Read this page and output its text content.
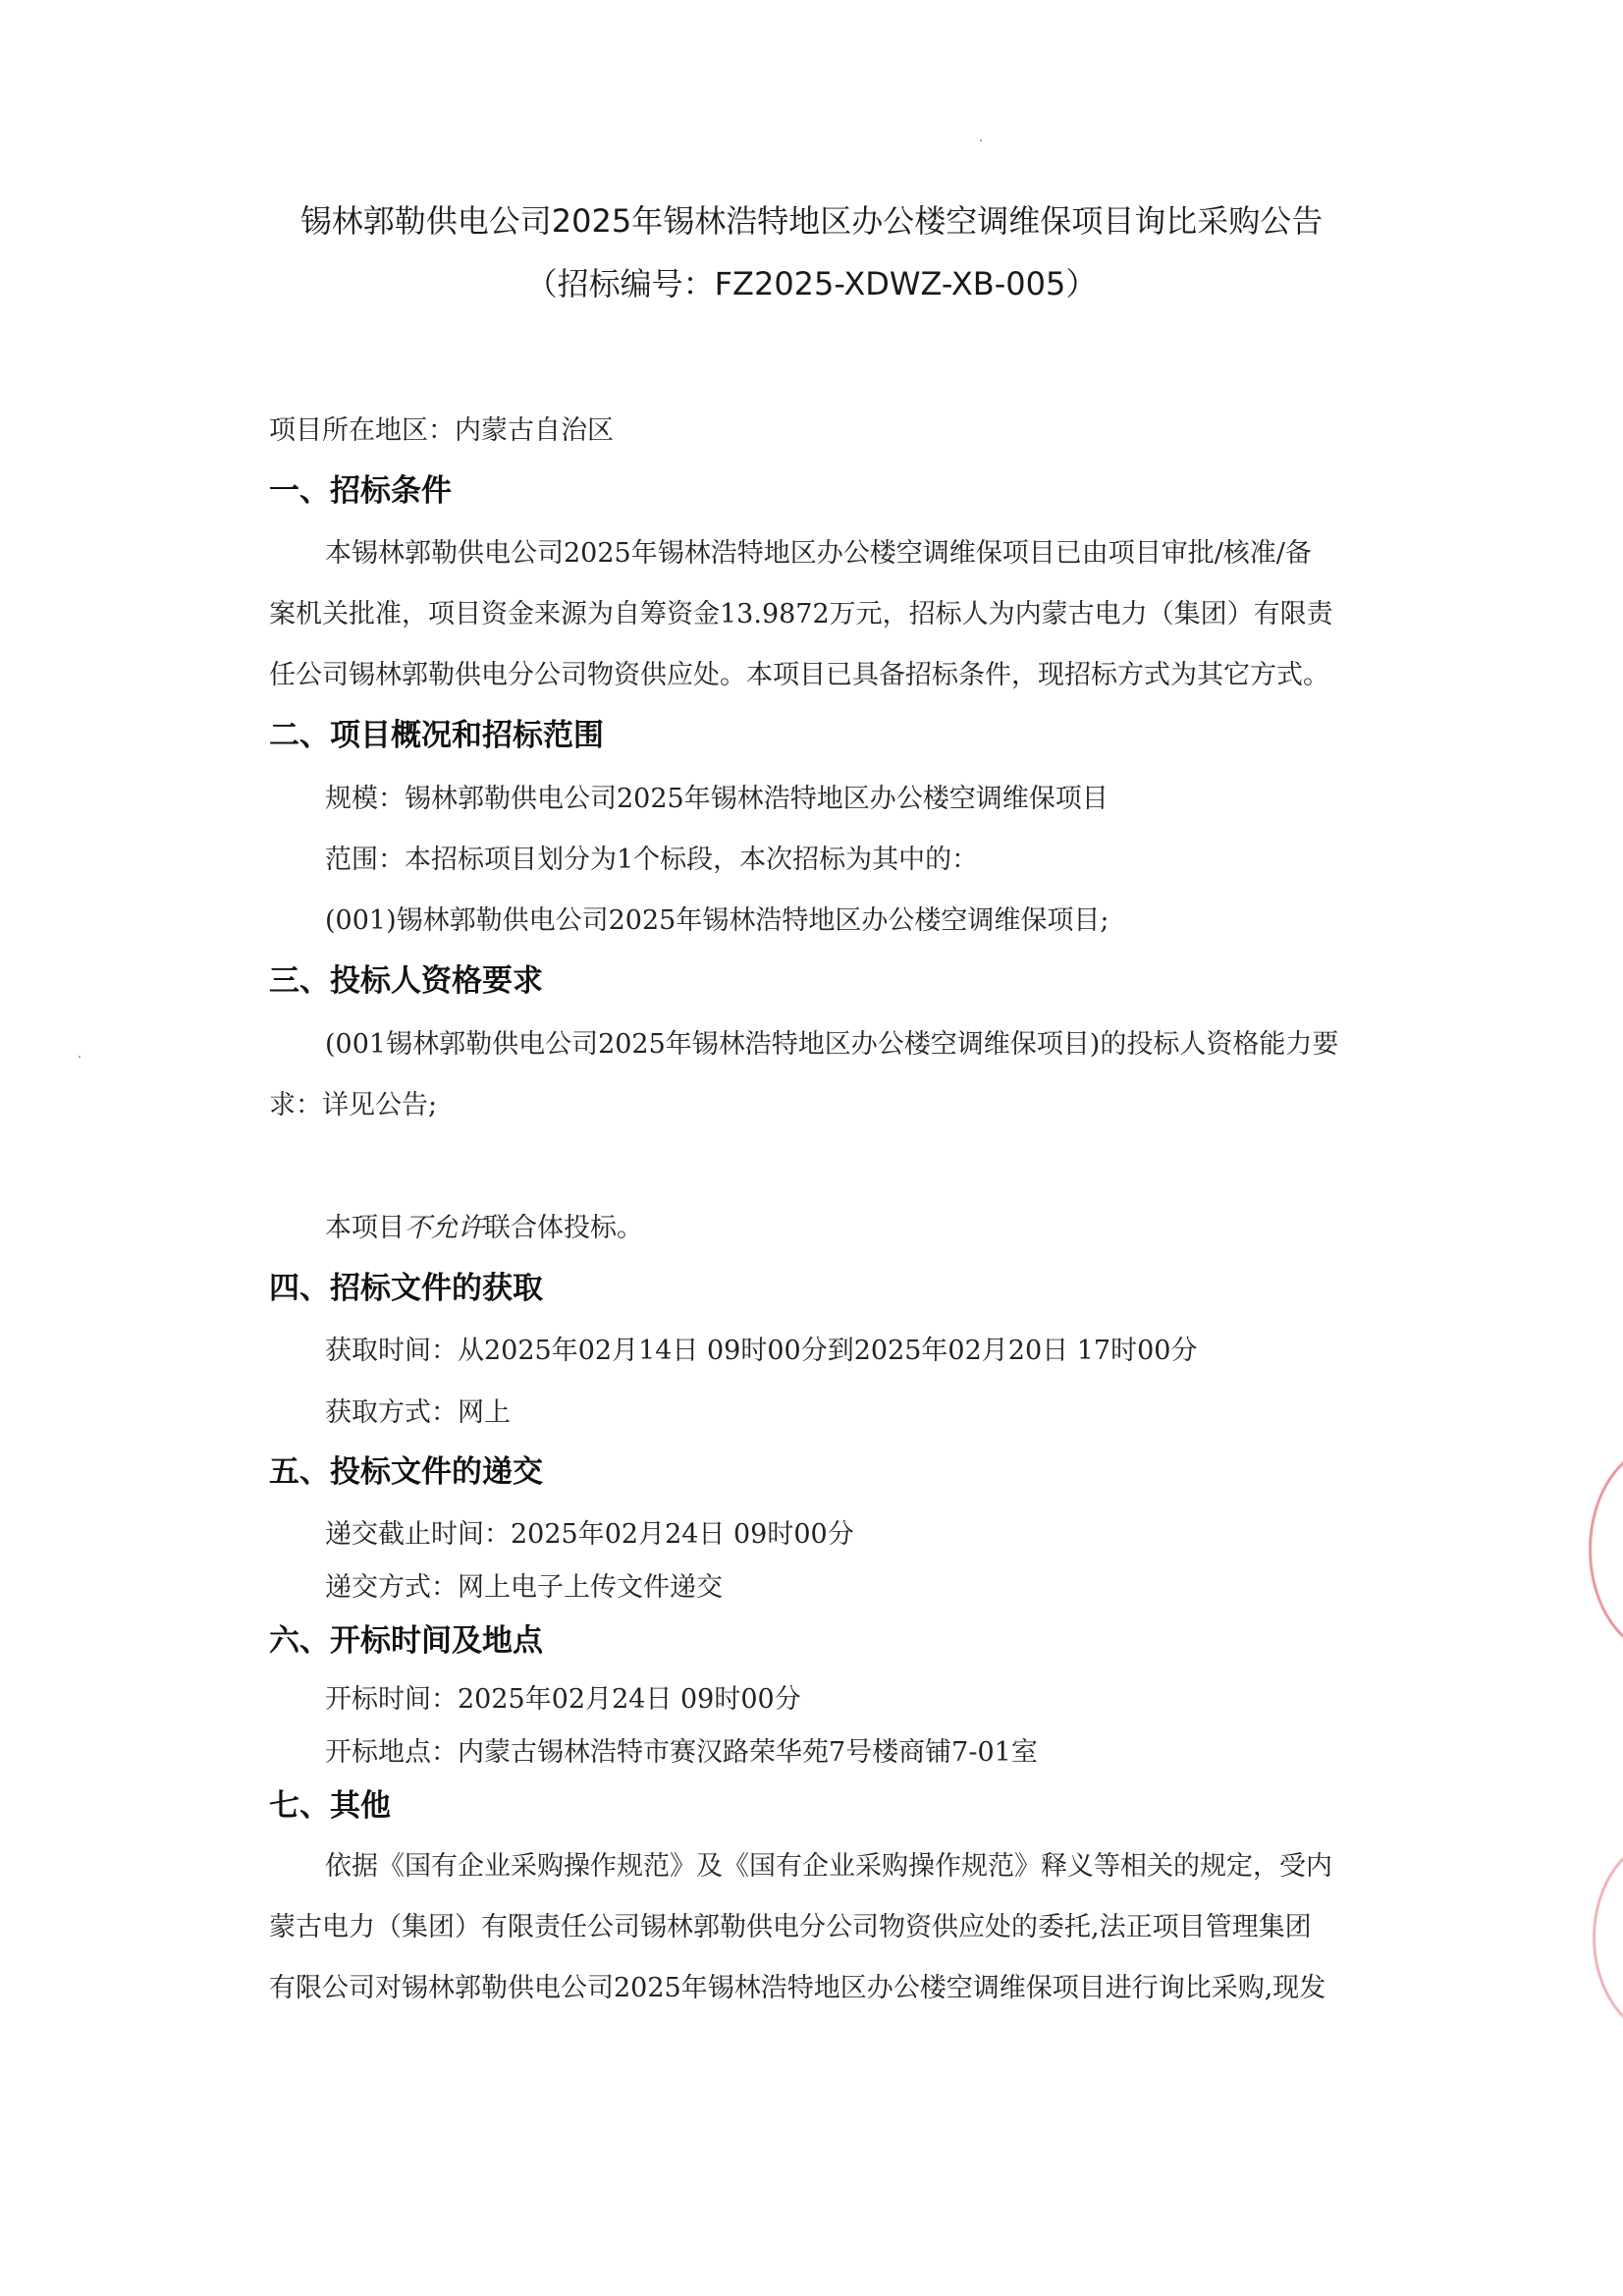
锡林郭勒供电公司2025年锡林浩特地区办公楼空调维保项目询比采购公告
（招标编号：FZ2025-XDWZ-XB-005）
项目所在地区：内蒙古自治区
一、招标条件
本锡林郭勒供电公司2025年锡林浩特地区办公楼空调维保项目已由项目审批/核准/备
案机关批准，项目资金来源为自筹资金13.9872万元，招标人为内蒙古电力（集团）有限责
任公司锡林郭勒供电分公司物资供应处。本项目已具备招标条件，现招标方式为其它方式。
二、项目概况和招标范围
规模：锡林郭勒供电公司2025年锡林浩特地区办公楼空调维保项目
范围：本招标项目划分为1个标段，本次招标为其中的：
(001)锡林郭勒供电公司2025年锡林浩特地区办公楼空调维保项目;
三、投标人资格要求
(001锡林郭勒供电公司2025年锡林浩特地区办公楼空调维保项目)的投标人资格能力要
求：详见公告;
本项目不允许联合体投标。
四、招标文件的获取
获取时间：从2025年02月14日 09时00分到2025年02月20日 17时00分
获取方式：网上
五、投标文件的递交
递交截止时间：2025年02月24日 09时00分
递交方式：网上电子上传文件递交
六、开标时间及地点
开标时间：2025年02月24日 09时00分
开标地点：内蒙古锡林浩特市赛汉路荣华苑7号楼商铺7-01室
七、其他
依据《国有企业采购操作规范》及《国有企业采购操作规范》释义等相关的规定，受内
蒙古电力（集团）有限责任公司锡林郭勒供电分公司物资供应处的委托,法正项目管理集团
有限公司对锡林郭勒供电公司2025年锡林浩特地区办公楼空调维保项目进行询比采购,现发
